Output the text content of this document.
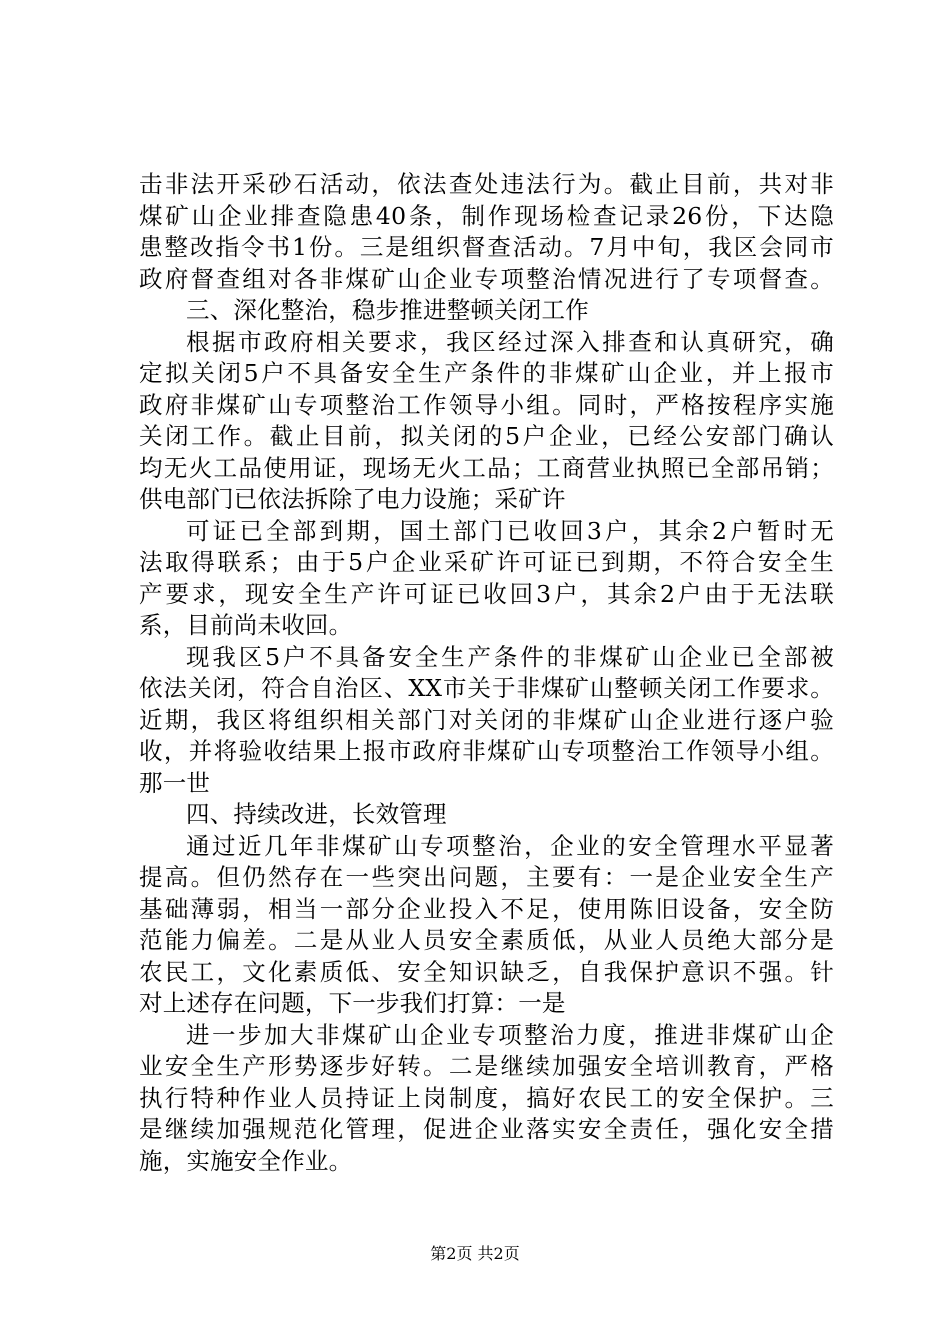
击非法开采砂石活动，依法查处违法行为。截止目前，共对非
煤矿山企业排查隐患40条，制作现场检查记录26份，下达隐
患整改指令书1份。三是组织督查活动。7月中旬，我区会同市
政府督查组对各非煤矿山企业专项整治情况进行了专项督查。
三、深化整治，稳步推进整顿关闭工作
根据市政府相关要求，我区经过深入排查和认真研究，确
定拟关闭5户不具备安全生产条件的非煤矿山企业，并上报市
政府非煤矿山专项整治工作领导小组。同时，严格按程序实施
关闭工作。截止目前，拟关闭的5户企业，已经公安部门确认
均无火工品使用证，现场无火工品；工商营业执照已全部吊销；
供电部门已依法拆除了电力设施；采矿许
可证已全部到期，国土部门已收回3户，其余2户暂时无
法取得联系；由于5户企业采矿许可证已到期，不符合安全生
产要求，现安全生产许可证已收回3户，其余2户由于无法联
系，目前尚未收回。
现我区5户不具备安全生产条件的非煤矿山企业已全部被
依法关闭，符合自治区、XX市关于非煤矿山整顿关闭工作要求。
近期，我区将组织相关部门对关闭的非煤矿山企业进行逐户验
收，并将验收结果上报市政府非煤矿山专项整治工作领导小组。
那一世
四、持续改进，长效管理
通过近几年非煤矿山专项整治，企业的安全管理水平显著
提高。但仍然存在一些突出问题，主要有：一是企业安全生产
基础薄弱，相当一部分企业投入不足，使用陈旧设备，安全防
范能力偏差。二是从业人员安全素质低，从业人员绝大部分是
农民工，文化素质低、安全知识缺乏，自我保护意识不强。针
对上述存在问题，下一步我们打算：一是
进一步加大非煤矿山企业专项整治力度，推进非煤矿山企
业安全生产形势逐步好转。二是继续加强安全培训教育，严格
执行特种作业人员持证上岗制度，搞好农民工的安全保护。三
是继续加强规范化管理，促进企业落实安全责任，强化安全措
施，实施安全作业。
第2页 共2页
